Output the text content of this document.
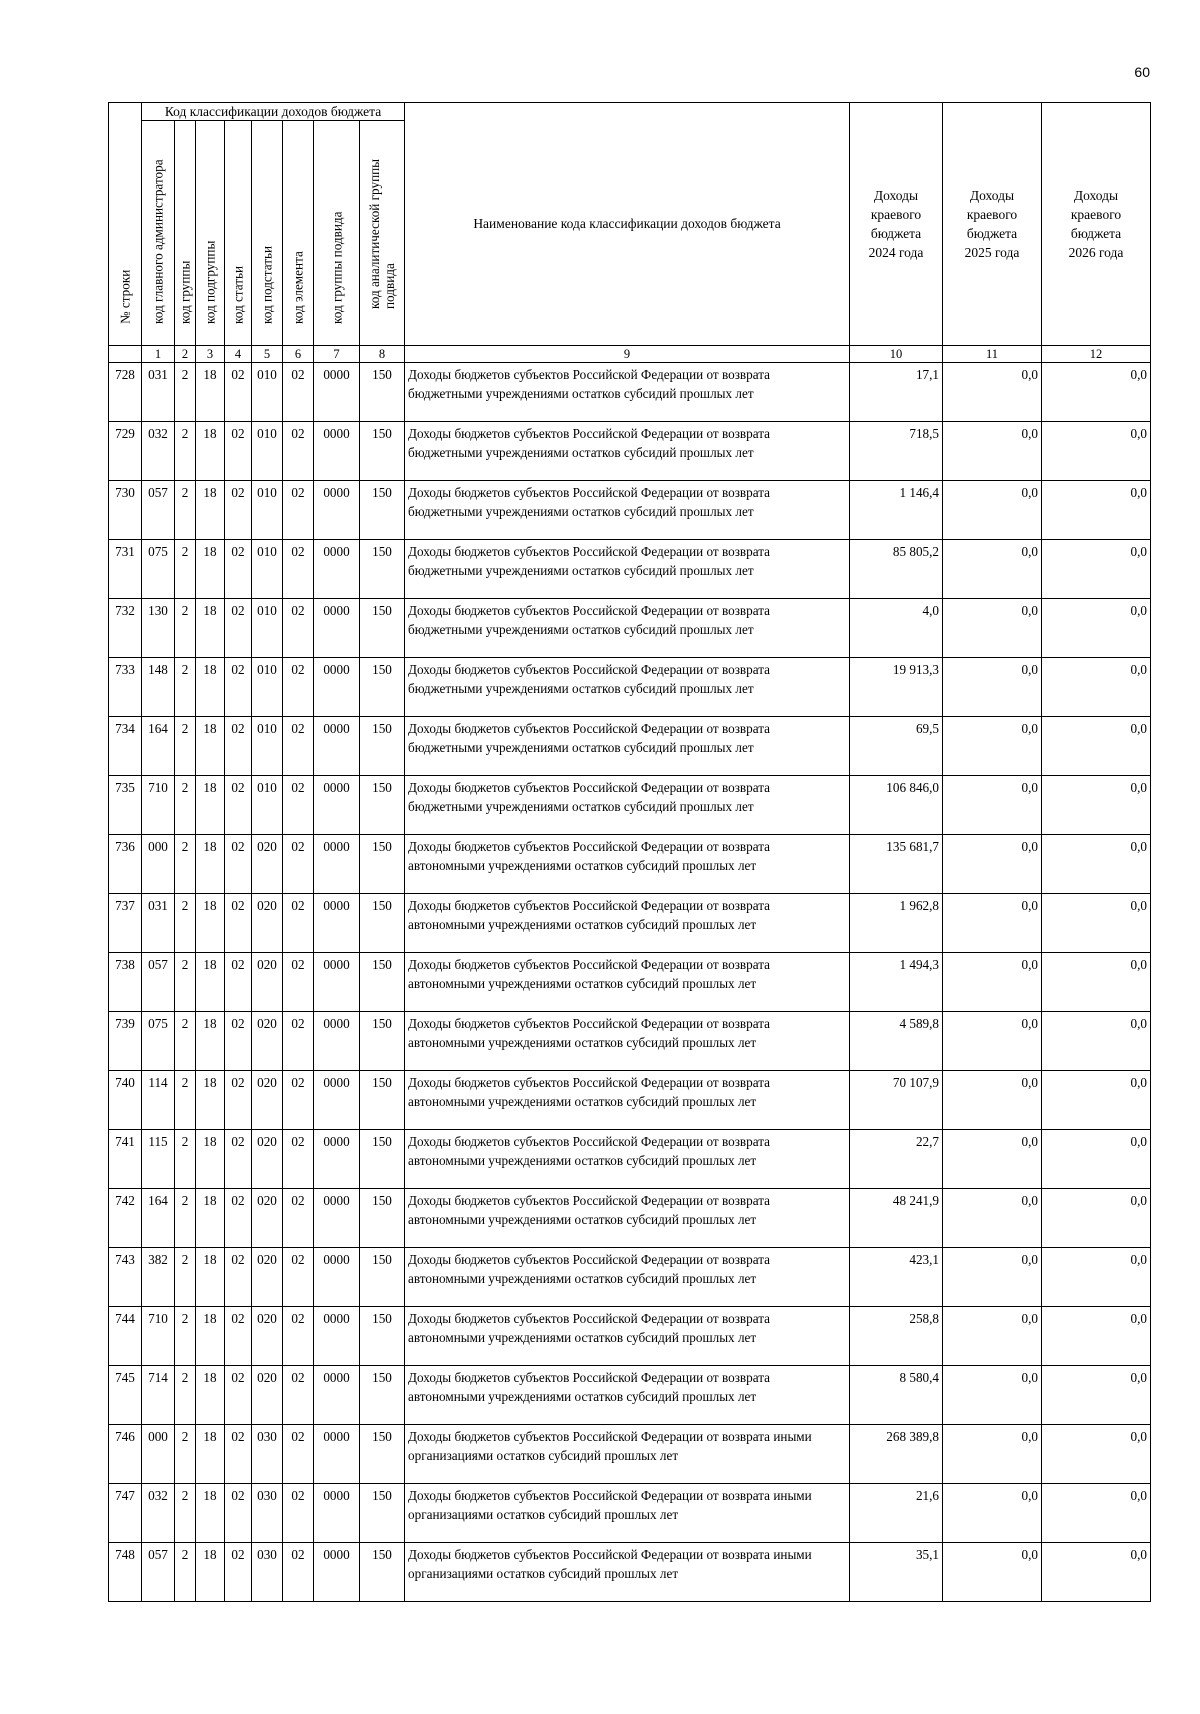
60
№ строки	Код классификации доходов бюджета								Наименование кода классификации доходов бюджета	Доходы
краевого
бюджета
2024 года	Доходы
краевого
бюджета
2025 года	Доходы
краевого
бюджета
2026 года

	код главного администратора	код группы	код подгруппы	код статьи	код подстатьи	код элемента	код группы подвида	код аналитической группы
подвида				

	1	2	3	4	5	6	7	8	9	10	11	12
728	031	2	18	02	010	02	0000	150	Доходы бюджетов субъектов Российской Федерации от возврата бюджетными учреждениями остатков субсидий прошлых лет	17,1	0,0	0,0
729	032	2	18	02	010	02	0000	150	Доходы бюджетов субъектов Российской Федерации от возврата бюджетными учреждениями остатков субсидий прошлых лет	718,5	0,0	0,0
730	057	2	18	02	010	02	0000	150	Доходы бюджетов субъектов Российской Федерации от возврата бюджетными учреждениями остатков субсидий прошлых лет	1 146,4	0,0	0,0
731	075	2	18	02	010	02	0000	150	Доходы бюджетов субъектов Российской Федерации от возврата бюджетными учреждениями остатков субсидий прошлых лет	85 805,2	0,0	0,0
732	130	2	18	02	010	02	0000	150	Доходы бюджетов субъектов Российской Федерации от возврата бюджетными учреждениями остатков субсидий прошлых лет	4,0	0,0	0,0
733	148	2	18	02	010	02	0000	150	Доходы бюджетов субъектов Российской Федерации от возврата бюджетными учреждениями остатков субсидий прошлых лет	19 913,3	0,0	0,0
734	164	2	18	02	010	02	0000	150	Доходы бюджетов субъектов Российской Федерации от возврата бюджетными учреждениями остатков субсидий прошлых лет	69,5	0,0	0,0
735	710	2	18	02	010	02	0000	150	Доходы бюджетов субъектов Российской Федерации от возврата бюджетными учреждениями остатков субсидий прошлых лет	106 846,0	0,0	0,0
736	000	2	18	02	020	02	0000	150	Доходы бюджетов субъектов Российской Федерации от возврата автономными учреждениями остатков субсидий прошлых лет	135 681,7	0,0	0,0
737	031	2	18	02	020	02	0000	150	Доходы бюджетов субъектов Российской Федерации от возврата автономными учреждениями остатков субсидий прошлых лет	1 962,8	0,0	0,0
738	057	2	18	02	020	02	0000	150	Доходы бюджетов субъектов Российской Федерации от возврата автономными учреждениями остатков субсидий прошлых лет	1 494,3	0,0	0,0
739	075	2	18	02	020	02	0000	150	Доходы бюджетов субъектов Российской Федерации от возврата автономными учреждениями остатков субсидий прошлых лет	4 589,8	0,0	0,0
740	114	2	18	02	020	02	0000	150	Доходы бюджетов субъектов Российской Федерации от возврата автономными учреждениями остатков субсидий прошлых лет	70 107,9	0,0	0,0
741	115	2	18	02	020	02	0000	150	Доходы бюджетов субъектов Российской Федерации от возврата автономными учреждениями остатков субсидий прошлых лет	22,7	0,0	0,0
742	164	2	18	02	020	02	0000	150	Доходы бюджетов субъектов Российской Федерации от возврата автономными учреждениями остатков субсидий прошлых лет	48 241,9	0,0	0,0
743	382	2	18	02	020	02	0000	150	Доходы бюджетов субъектов Российской Федерации от возврата автономными учреждениями остатков субсидий прошлых лет	423,1	0,0	0,0
744	710	2	18	02	020	02	0000	150	Доходы бюджетов субъектов Российской Федерации от возврата автономными учреждениями остатков субсидий прошлых лет	258,8	0,0	0,0
745	714	2	18	02	020	02	0000	150	Доходы бюджетов субъектов Российской Федерации от возврата автономными учреждениями остатков субсидий прошлых лет	8 580,4	0,0	0,0
746	000	2	18	02	030	02	0000	150	Доходы бюджетов субъектов Российской Федерации от возврата иными организациями остатков субсидий прошлых лет	268 389,8	0,0	0,0
747	032	2	18	02	030	02	0000	150	Доходы бюджетов субъектов Российской Федерации от возврата иными организациями остатков субсидий прошлых лет	21,6	0,0	0,0
748	057	2	18	02	030	02	0000	150	Доходы бюджетов субъектов Российской Федерации от возврата иными организациями остатков субсидий прошлых лет	35,1	0,0	0,0
